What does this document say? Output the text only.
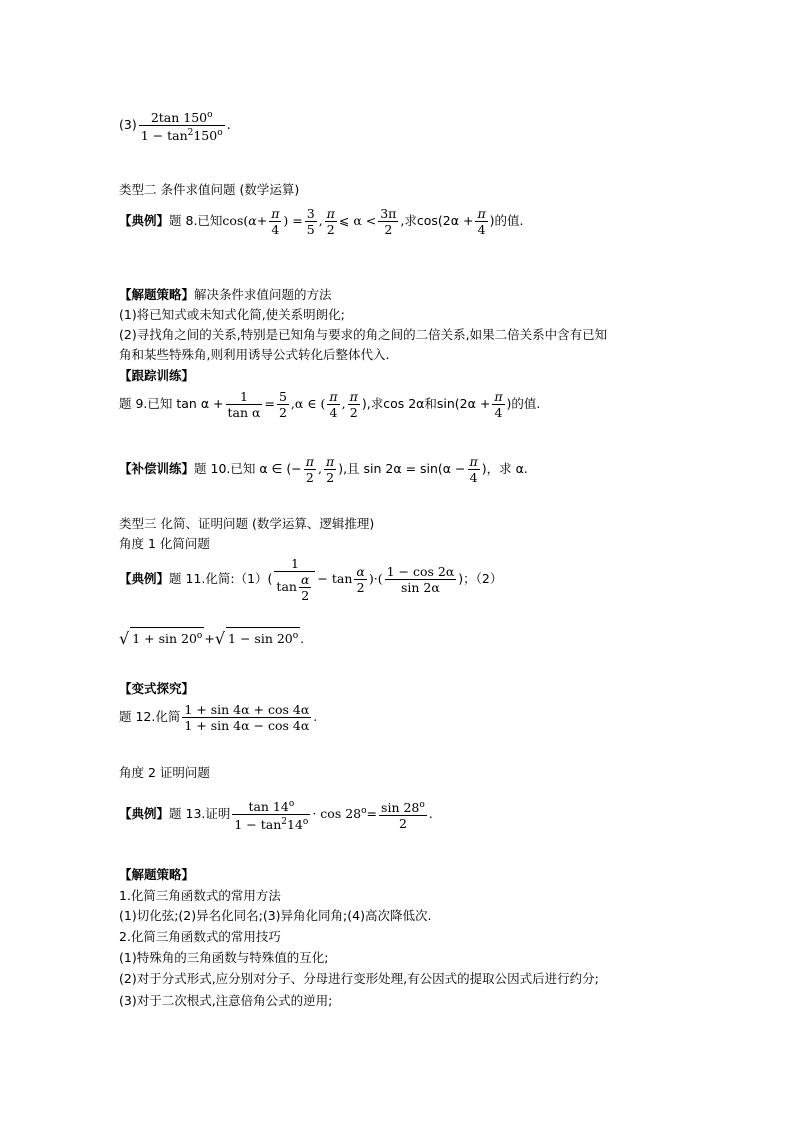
$(3) \frac{2\tan 150^o}{1 - \tan^2150^o}$ .
类型二 条件求值问题 (数学运算)
【典例】题 8.已知$\cos(\alpha+ \frac{\pi}{4}$ ) = $\frac{3}{5}$ , $\frac{\pi}{2}$ ⩽ $\alpha < \frac{3\pi}{2}$ ,求$\cos(2\alpha + \frac{\pi}{4}$ )的值.
【解题策略】解决条件求值问题的方法
(1)将已知式或未知式化简,使关系明朗化;
(2)寻找角之间的关系,特别是已知角与要求的角之间的二倍关系,如果二倍关系中含有已知
角和某些特殊角,则利用诱导公式转化后整体代入.
【跟踪训练】
题 9.已知 $\tan \alpha + \frac{1}{\text{tan α}} = \frac{5}{2} ,\alpha$ ∈ ( $\frac{\pi}{4}$ , $\frac{\pi}{2}$ ),求cos 2α和$\sin(2\alpha + \frac{\pi}{4}$ )的值.
【补偿训练】题 10.已知 α ∈ (− $\frac{\pi}{2}$ , $\frac{\pi}{2}$ ),且 $\sin 2\alpha = \sin(\alpha - \frac{\pi}{4}$ )，求 α.
类型三 化简、证明问题 (数学运算、逻辑推理)
角度 1 化简问题
【典例】题 11.化简:（1）( $\frac{1}{\tan \frac{\alpha}{2}} - \tan \frac{\alpha}{2}$ )·( $\frac{1 - \cos 2\alpha}{\sin 2\alpha}$ )；（2）
√ $1 + \sin 20^o$ +√ 1 − sin 20$^o$ .
【变式探究】
题 12.化简 $\frac{1 + \sin 4\alpha + \cos 4\alpha}{1 + \sin 4\alpha - \cos 4\alpha}$ .
角度 2 证明问题
【典例】题 13.证明 $\frac{\tan 14^o}{1 - \tan^214^o} \cdot \cos 28^o= \frac{\sin 28^o}{2}$ .
【解题策略】
1.化简三角函数式的常用方法
(1)切化弦;(2)异名化同名;(3)异角化同角;(4)高次降低次.
2.化简三角函数式的常用技巧
(1)特殊角的三角函数与特殊值的互化;
(2)对于分式形式,应分别对分子、分母进行变形处理,有公因式的提取公因式后进行约分;
(3)对于二次根式,注意倍角公式的逆用;
